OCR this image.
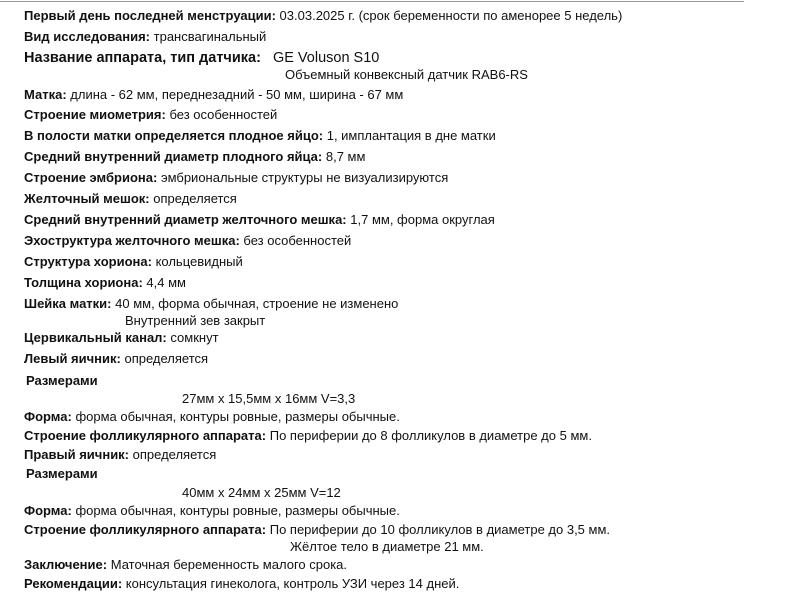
Первый день последней менструации: 03.03.2025 г. (срок беременности по аменорее 5 недель)
Вид исследования: трансвагинальный
Название аппарата, тип датчика: GE Voluson S10
Объемный конвексный датчик RAB6-RS
Матка: длина - 62 мм, переднезадний - 50 мм, ширина - 67 мм
Строение миометрия: без особенностей
В полости матки определяется плодное яйцо: 1, имплантация в дне матки
Средний внутренний диаметр плодного яйца: 8,7 мм
Строение эмбриона: эмбриональные структуры не визуализируются
Желточный мешок: определяется
Средний внутренний диаметр желточного мешка: 1,7 мм, форма округлая
Эхоструктура желточного мешка: без особенностей
Структура хориона: кольцевидный
Толщина хориона: 4,4 мм
Шейка матки: 40 мм, форма обычная, строение не изменено
Внутренний зев закрыт
Цервикальный канал: сомкнут
Левый яичник: определяется
Размерами
27мм x 15,5мм x 16мм V=3,3
Форма: форма обычная, контуры ровные, размеры обычные.
Строение фолликулярного аппарата: По периферии до 8 фолликулов в диаметре до 5 мм.
Правый яичник: определяется
Размерами
40мм x 24мм x 25мм V=12
Форма: форма обычная, контуры ровные, размеры обычные.
Строение фолликулярного аппарата: По периферии до 10 фолликулов в диаметре до 3,5 мм.
Жёлтое тело в диаметре 21 мм.
Заключение: Маточная беременность малого срока.
Рекомендации: консультация гинеколога, контроль УЗИ через 14 дней.
